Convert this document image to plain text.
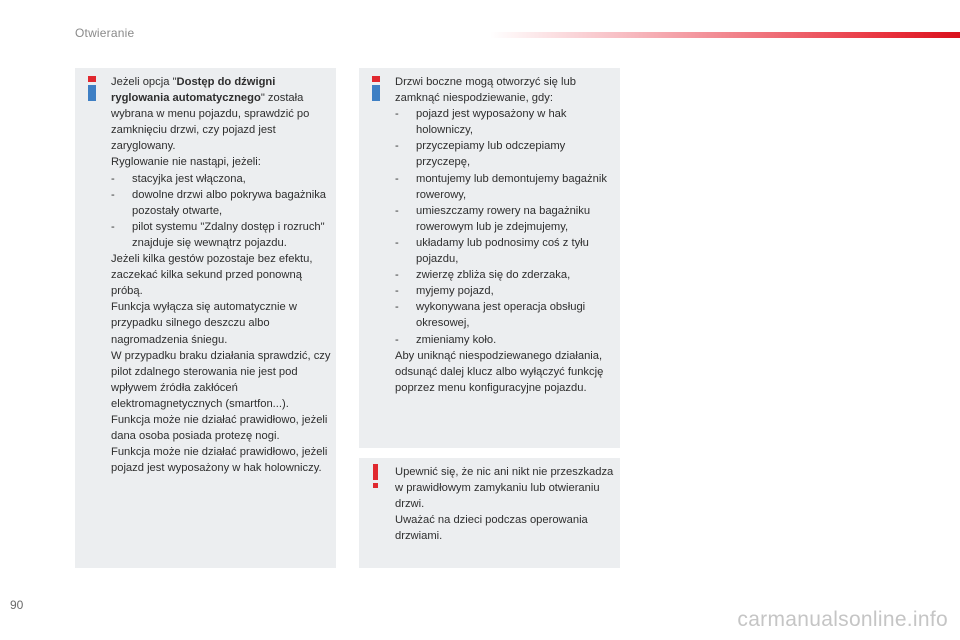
Otwieranie

Jeżeli opcja "Dostęp do dźwigni ryglowania automatycznego" została wybrana w menu pojazdu, sprawdzić po zamknięciu drzwi, czy pojazd jest zaryglowany.

Ryglowanie nie nastąpi, jeżeli:

- stacyjka jest włączona,
- dowolne drzwi albo pokrywa bagażnika pozostały otwarte,
- pilot systemu "Zdalny dostęp i rozruch" znajduje się wewnątrz pojazdu.

Jeżeli kilka gestów pozostaje bez efektu, zaczekać kilka sekund przed ponowną próbą.

Funkcja wyłącza się automatycznie w przypadku silnego deszczu albo nagromadzenia śniegu.

W przypadku braku działania sprawdzić, czy pilot zdalnego sterowania nie jest pod wpływem źródła zakłóceń elektromagnetycznych (smartfon...).

Funkcja może nie działać prawidłowo, jeżeli dana osoba posiada protezę nogi.

Funkcja może nie działać prawidłowo, jeżeli pojazd jest wyposażony w hak holowniczy.

Drzwi boczne mogą otworzyć się lub zamknąć niespodziewanie, gdy:

- pojazd jest wyposażony w hak holowniczy,
- przyczepiamy lub odczepiamy przyczepę,
- montujemy lub demontujemy bagażnik rowerowy,
- umieszczamy rowery na bagażniku rowerowym lub je zdejmujemy,
- układamy lub podnosimy coś z tyłu pojazdu,
- zwierzę zbliża się do zderzaka,
- myjemy pojazd,
- wykonywana jest operacja obsługi okresowej,
- zmieniamy koło.

Aby uniknąć niespodziewanego działania, odsunąć dalej klucz albo wyłączyć funkcję poprzez menu konfiguracyjne pojazdu.

Upewnić się, że nic ani nikt nie przeszkadza w prawidłowym zamykaniu lub otwieraniu drzwi.

Uważać na dzieci podczas operowania drzwiami.

90
carmanualsonline.info
